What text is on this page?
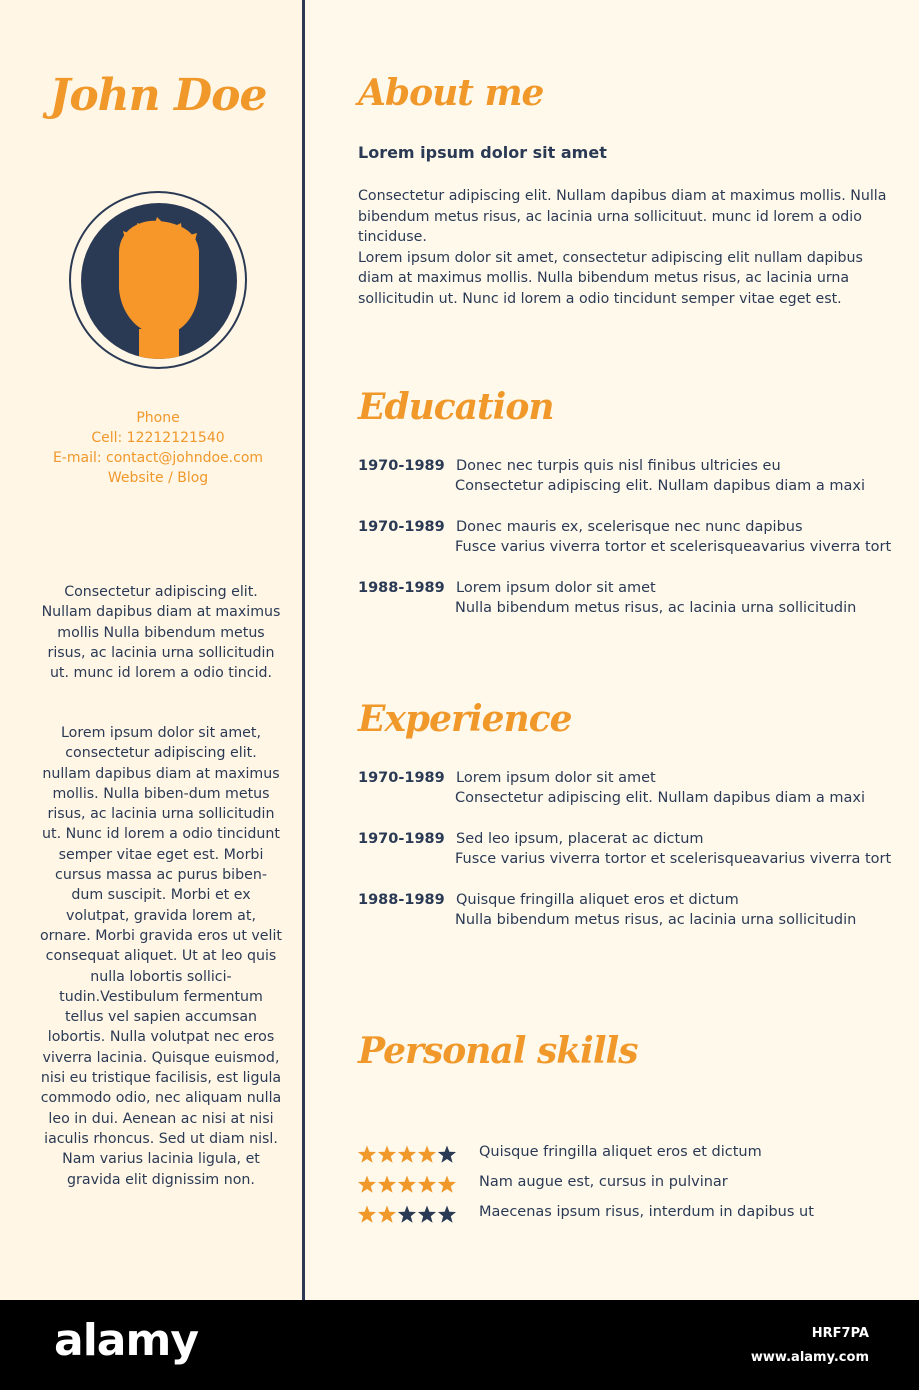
John Doe
Phone
Cell: 12212121540
E-mail: contact@johndoe.com
Website / Blog
Consectetur adipiscing elit. Nullam dapibus diam at maximus mollis Nulla bibendum metus risus, ac lacinia urna sollicitudin ut. munc id lorem a odio tincid.
Lorem ipsum dolor sit amet, consectetur adipiscing elit. nullam dapibus diam at maximus mollis. Nulla biben-dum metus risus, ac lacinia urna sollicitudin ut. Nunc id lorem a odio tincidunt semper vitae eget est. Morbi cursus massa ac purus biben-dum suscipit. Morbi et ex volutpat, gravida lorem at, ornare. Morbi gravida eros ut velit consequat aliquet. Ut at leo quis nulla lobortis sollici-tudin.Vestibulum fermentum tellus vel sapien accumsan lobortis. Nulla volutpat nec eros viverra lacinia. Quisque euismod, nisi eu tristique facilisis, est ligula commodo odio, nec aliquam nulla leo in dui. Aenean ac nisi at nisi iaculis rhoncus. Sed ut diam nisl. Nam varius lacinia ligula, et gravida elit dignissim non.
About me
Lorem ipsum dolor sit amet

Consectetur adipiscing elit. Nullam dapibus diam at maximus mollis. Nulla bibendum metus risus, ac lacinia urna sollicituut. munc id lorem a odio tinciduse.

Lorem ipsum dolor sit amet, consectetur adipiscing elit nullam dapibus diam at maximus mollis. Nulla bibendum metus risus, ac lacinia urna sollicitudin ut. Nunc id lorem a odio tincidunt semper vitae eget est.

Education
1970-1989 Donec nec turpis quis nisl finibus ultricies eu
Consectetur adipiscing elit. Nullam dapibus diam a maxi
1970-1989 Donec mauris ex, scelerisque nec nunc dapibus
Fusce varius viverra tortor et scelerisqueavarius viverra tort
1988-1989 Lorem ipsum dolor sit amet
Nulla bibendum metus risus, ac lacinia urna sollicitudin
Experience
1970-1989 Lorem ipsum dolor sit amet
Consectetur adipiscing elit. Nullam dapibus diam a maxi
1970-1989 Sed leo ipsum, placerat ac dictum
Fusce varius viverra tortor et scelerisqueavarius viverra tort
1988-1989 Quisque fringilla aliquet eros et dictum
Nulla bibendum metus risus, ac lacinia urna sollicitudin
Personal skills
Quisque fringilla aliquet eros et dictum
Nam augue est, cursus in pulvinar
Maecenas ipsum risus, interdum in dapibus ut
alamy	HRF7PA
www.alamy.com
